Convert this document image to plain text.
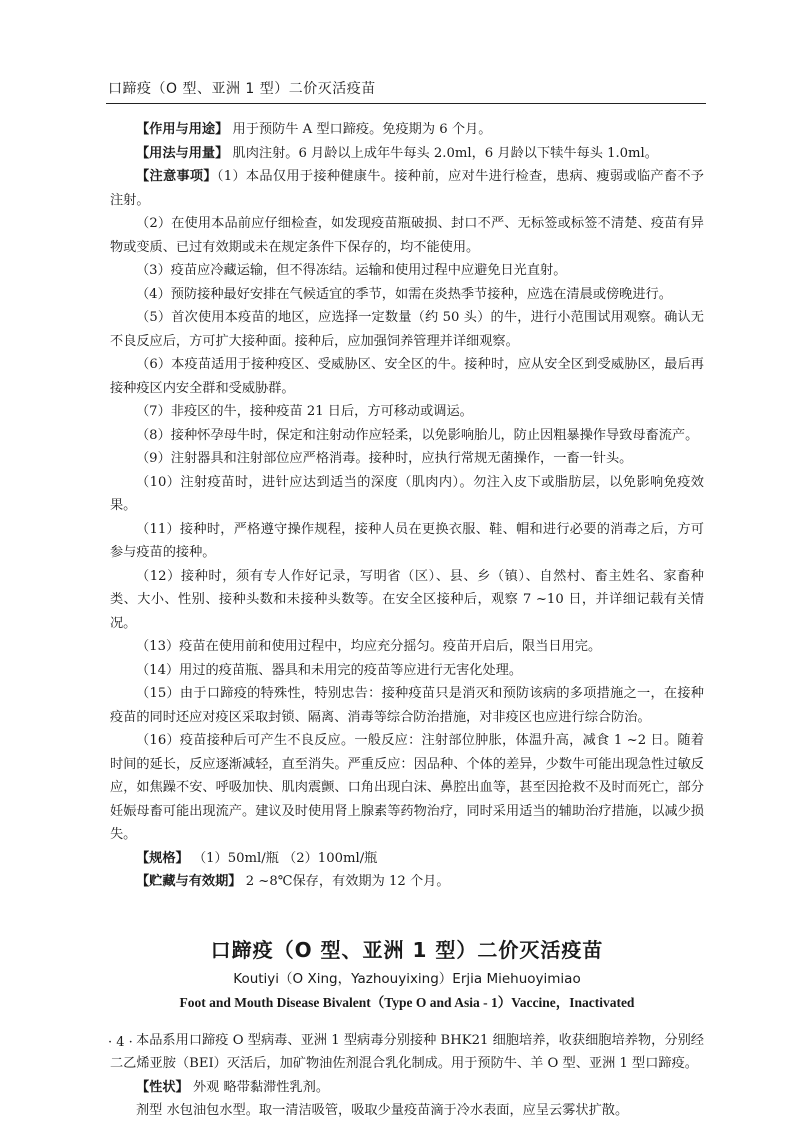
口蹄疫（O 型、亚洲 1 型）二价灭活疫苗

【作用与用途】 用于预防牛 A 型口蹄疫。免疫期为 6 个月。

【用法与用量】 肌肉注射。6 月龄以上成年牛每头 2.0ml，6 月龄以下犊牛每头 1.0ml。

【注意事项】（1）本品仅用于接种健康牛。接种前，应对牛进行检查，患病、瘦弱或临产畜不予注射。

（2）在使用本品前应仔细检查，如发现疫苗瓶破损、封口不严、无标签或标签不清楚、疫苗有异物或变质、已过有效期或未在规定条件下保存的，均不能使用。

（3）疫苗应冷藏运输，但不得冻结。运输和使用过程中应避免日光直射。

（4）预防接种最好安排在气候适宜的季节，如需在炎热季节接种，应选在清晨或傍晚进行。

（5）首次使用本疫苗的地区，应选择一定数量（约 50 头）的牛，进行小范围试用观察。确认无不良反应后，方可扩大接种面。接种后，应加强饲养管理并详细观察。

（6）本疫苗适用于接种疫区、受威胁区、安全区的牛。接种时，应从安全区到受威胁区，最后再接种疫区内安全群和受威胁群。

（7）非疫区的牛，接种疫苗 21 日后，方可移动或调运。

（8）接种怀孕母牛时，保定和注射动作应轻柔，以免影响胎儿，防止因粗暴操作导致母畜流产。

（9）注射器具和注射部位应严格消毒。接种时，应执行常规无菌操作，一畜一针头。

（10）注射疫苗时，进针应达到适当的深度（肌肉内）。勿注入皮下或脂肪层，以免影响免疫效果。

（11）接种时，严格遵守操作规程，接种人员在更换衣服、鞋、帽和进行必要的消毒之后，方可参与疫苗的接种。

（12）接种时，须有专人作好记录，写明省（区）、县、乡（镇）、自然村、畜主姓名、家畜种类、大小、性别、接种头数和未接种头数等。在安全区接种后，观察 7 ~10 日，并详细记载有关情况。

（13）疫苗在使用前和使用过程中，均应充分摇匀。疫苗开启后，限当日用完。

（14）用过的疫苗瓶、器具和未用完的疫苗等应进行无害化处理。

（15）由于口蹄疫的特殊性，特别忠告：接种疫苗只是消灭和预防该病的多项措施之一，在接种疫苗的同时还应对疫区采取封锁、隔离、消毒等综合防治措施，对非疫区也应进行综合防治。

（16）疫苗接种后可产生不良反应。一般反应：注射部位肿胀，体温升高，减食 1 ~2 日。随着时间的延长，反应逐渐减轻，直至消失。严重反应：因品种、个体的差异，少数牛可能出现急性过敏反应，如焦躁不安、呼吸加快、肌肉震颤、口角出现白沫、鼻腔出血等，甚至因抢救不及时而死亡，部分妊娠母畜可能出现流产。建议及时使用肾上腺素等药物治疗，同时采用适当的辅助治疗措施，以减少损失。

【规格】 （1）50ml/瓶 （2）100ml/瓶

【贮藏与有效期】 2 ~8℃保存，有效期为 12 个月。

口蹄疫（O 型、亚洲 1 型）二价灭活疫苗
Koutiyi（O Xing，Yazhouyixing）Erjia Miehuoyimiao
Foot and Mouth Disease Bivalent（Type O and Asia - 1）Vaccine，Inactivated

本品系用口蹄疫 O 型病毒、亚洲 1 型病毒分别接种 BHK21 细胞培养，收获细胞培养物，分别经二乙烯亚胺（BEI）灭活后，加矿物油佐剂混合乳化制成。用于预防牛、羊 O 型、亚洲 1 型口蹄疫。

【性状】 外观 略带黏滞性乳剂。

剂型 水包油包水型。取一清洁吸管，吸取少量疫苗滴于冷水表面，应呈云雾状扩散。

· 4 ·
